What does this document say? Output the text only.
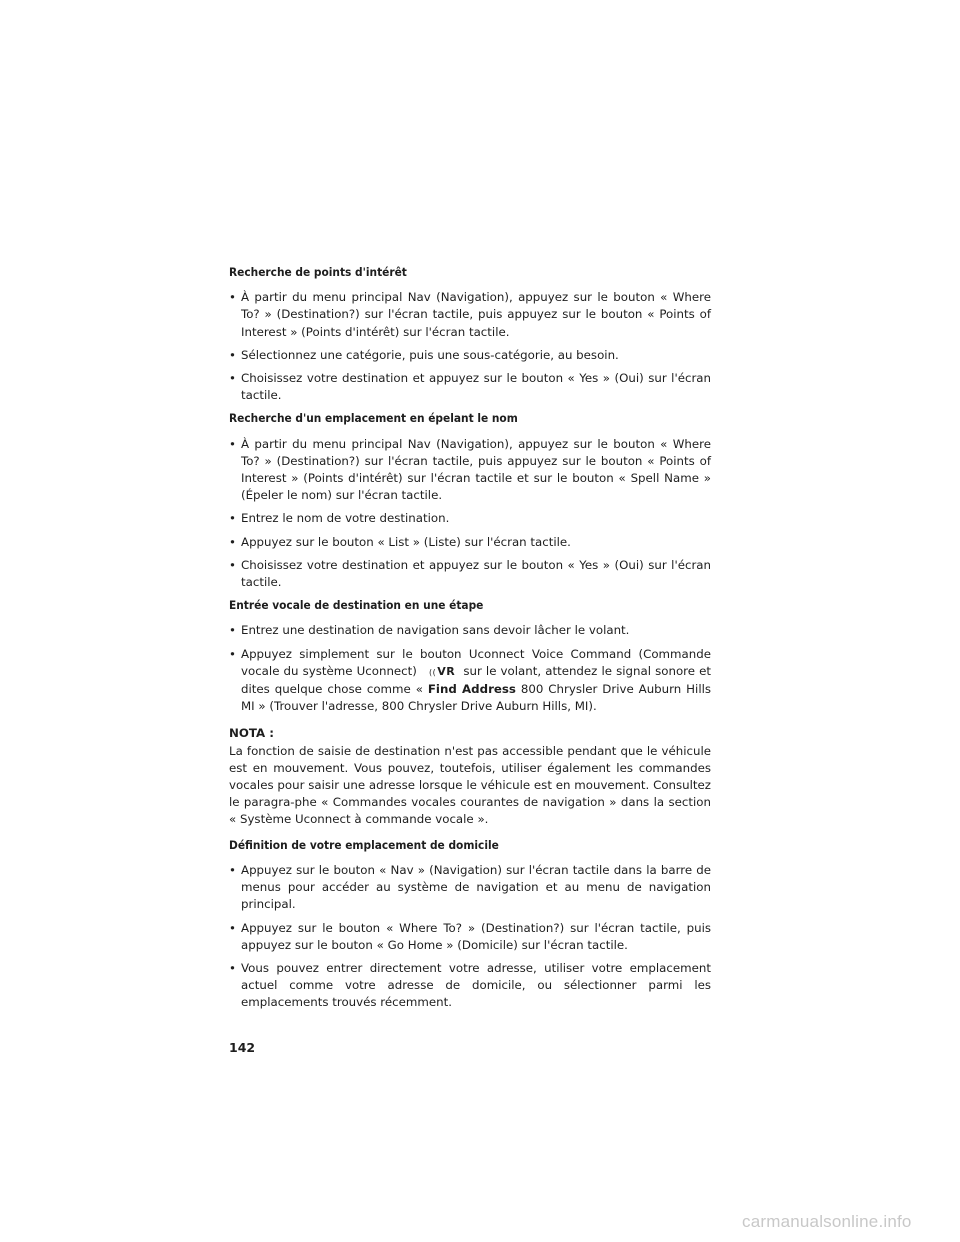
Recherche de points d'intérêt
• À partir du menu principal Nav (Navigation), appuyez sur le bouton « Where To? » (Destination?) sur l'écran tactile, puis appuyez sur le bouton « Points of Interest » (Points d'intérêt) sur l'écran tactile.
• Sélectionnez une catégorie, puis une sous-catégorie, au besoin.
• Choisissez votre destination et appuyez sur le bouton « Yes » (Oui) sur l'écran tactile.
Recherche d'un emplacement en épelant le nom
• À partir du menu principal Nav (Navigation), appuyez sur le bouton « Where To? » (Destination?) sur l'écran tactile, puis appuyez sur le bouton « Points of Interest » (Points d'intérêt) sur l'écran tactile et sur le bouton « Spell Name » (Épeler le nom) sur l'écran tactile.
• Entrez le nom de votre destination.
• Appuyez sur le bouton « List » (Liste) sur l'écran tactile.
• Choisissez votre destination et appuyez sur le bouton « Yes » (Oui) sur l'écran tactile.
Entrée vocale de destination en une étape
• Entrez une destination de navigation sans devoir lâcher le volant.
• Appuyez simplement sur le bouton Uconnect Voice Command (Commande vocale du système Uconnect) ((VR sur le volant, attendez le signal sonore et dites quelque chose comme « Find Address 800 Chrysler Drive Auburn Hills MI » (Trouver l'adresse, 800 Chrysler Drive Auburn Hills, MI).
NOTA :
La fonction de saisie de destination n'est pas accessible pendant que le véhicule est en mouvement. Vous pouvez, toutefois, utiliser également les commandes vocales pour saisir une adresse lorsque le véhicule est en mouvement. Consultez le paragra-phe « Commandes vocales courantes de navigation » dans la section « Système Uconnect à commande vocale ».
Définition de votre emplacement de domicile
• Appuyez sur le bouton « Nav » (Navigation) sur l'écran tactile dans la barre de menus pour accéder au système de navigation et au menu de navigation principal.
• Appuyez sur le bouton « Where To? » (Destination?) sur l'écran tactile, puis appuyez sur le bouton « Go Home » (Domicile) sur l'écran tactile.
• Vous pouvez entrer directement votre adresse, utiliser votre emplacement actuel comme votre adresse de domicile, ou sélectionner parmi les emplacements trouvés récemment.
142
carmanualsonline.info
